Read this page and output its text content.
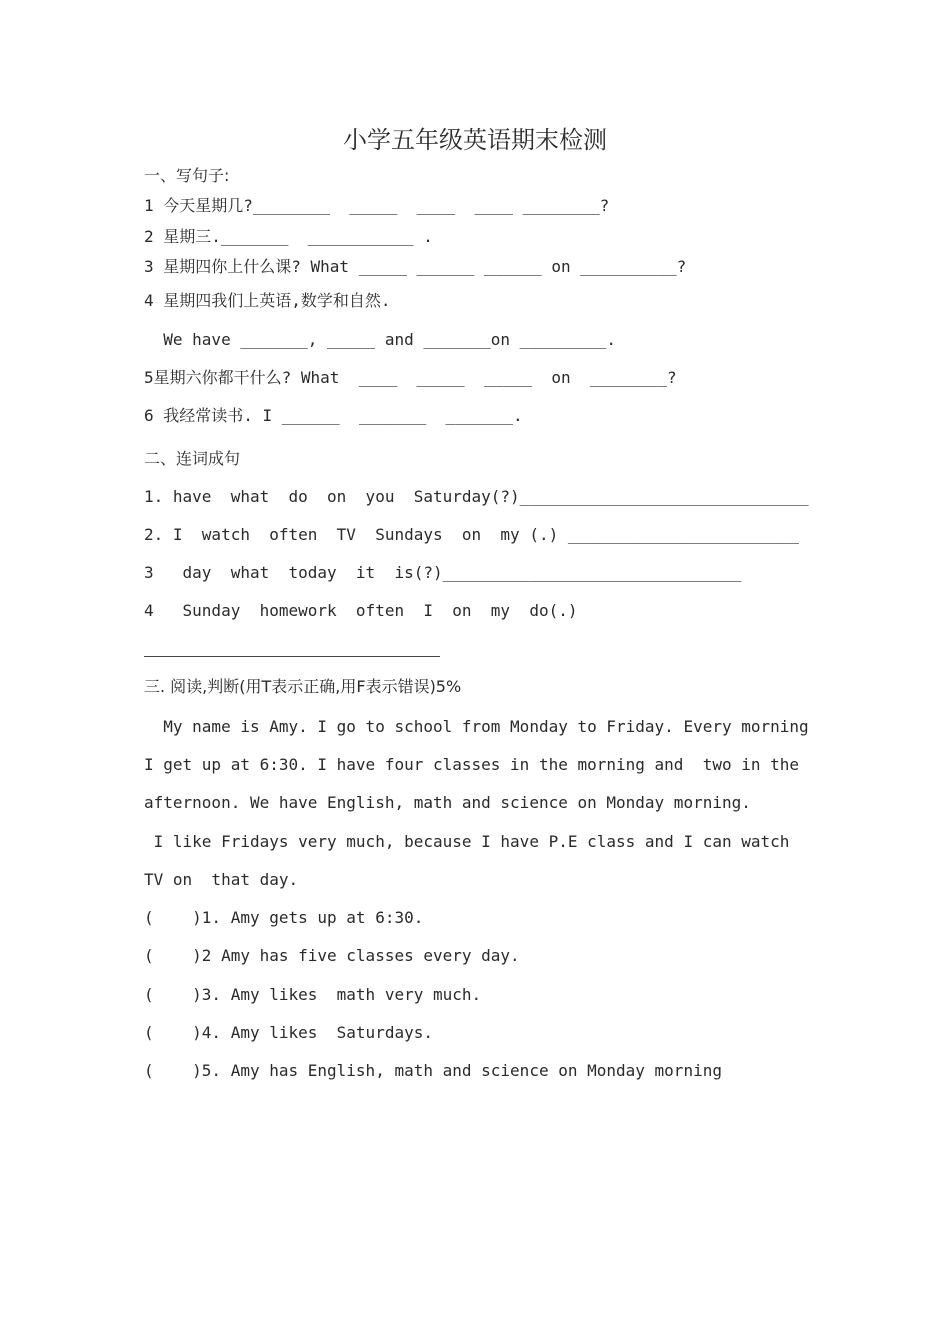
小学五年级英语期末检测
一、写句子:
1 今天星期几?________  _____  ____  ____ ________?
2 星期三._______  ___________ .
3 星期四你上什么课? What _____ ______ ______ on __________?
4 星期四我们上英语,数学和自然.
We have _______, _____ and _______on _________.
5星期六你都干什么? What  ____  _____  _____  on  ________?
6 我经常读书. I ______  _______  _______.
二、连词成句
1. have  what  do  on  you  Saturday(?)______________________________
2. I  watch  often  TV  Sundays  on  my (.) ________________________
3   day  what  today  it  is(?)_______________________________
4   Sunday  homework  often  I  on  my  do(.)
三. 阅读,判断(用T表示正确,用F表示错误)5%
My name is Amy. I go to school from Monday to Friday. Every morning
I get up at 6:30. I have four classes in the morning and  two in the
afternoon. We have English, math and science on Monday morning.
I like Fridays very much, because I have P.E class and I can watch
TV on  that day.
(    )1. Amy gets up at 6:30.
(    )2 Amy has five classes every day.
(    )3. Amy likes  math very much.
(    )4. Amy likes  Saturdays.
(    )5. Amy has English, math and science on Monday morning
